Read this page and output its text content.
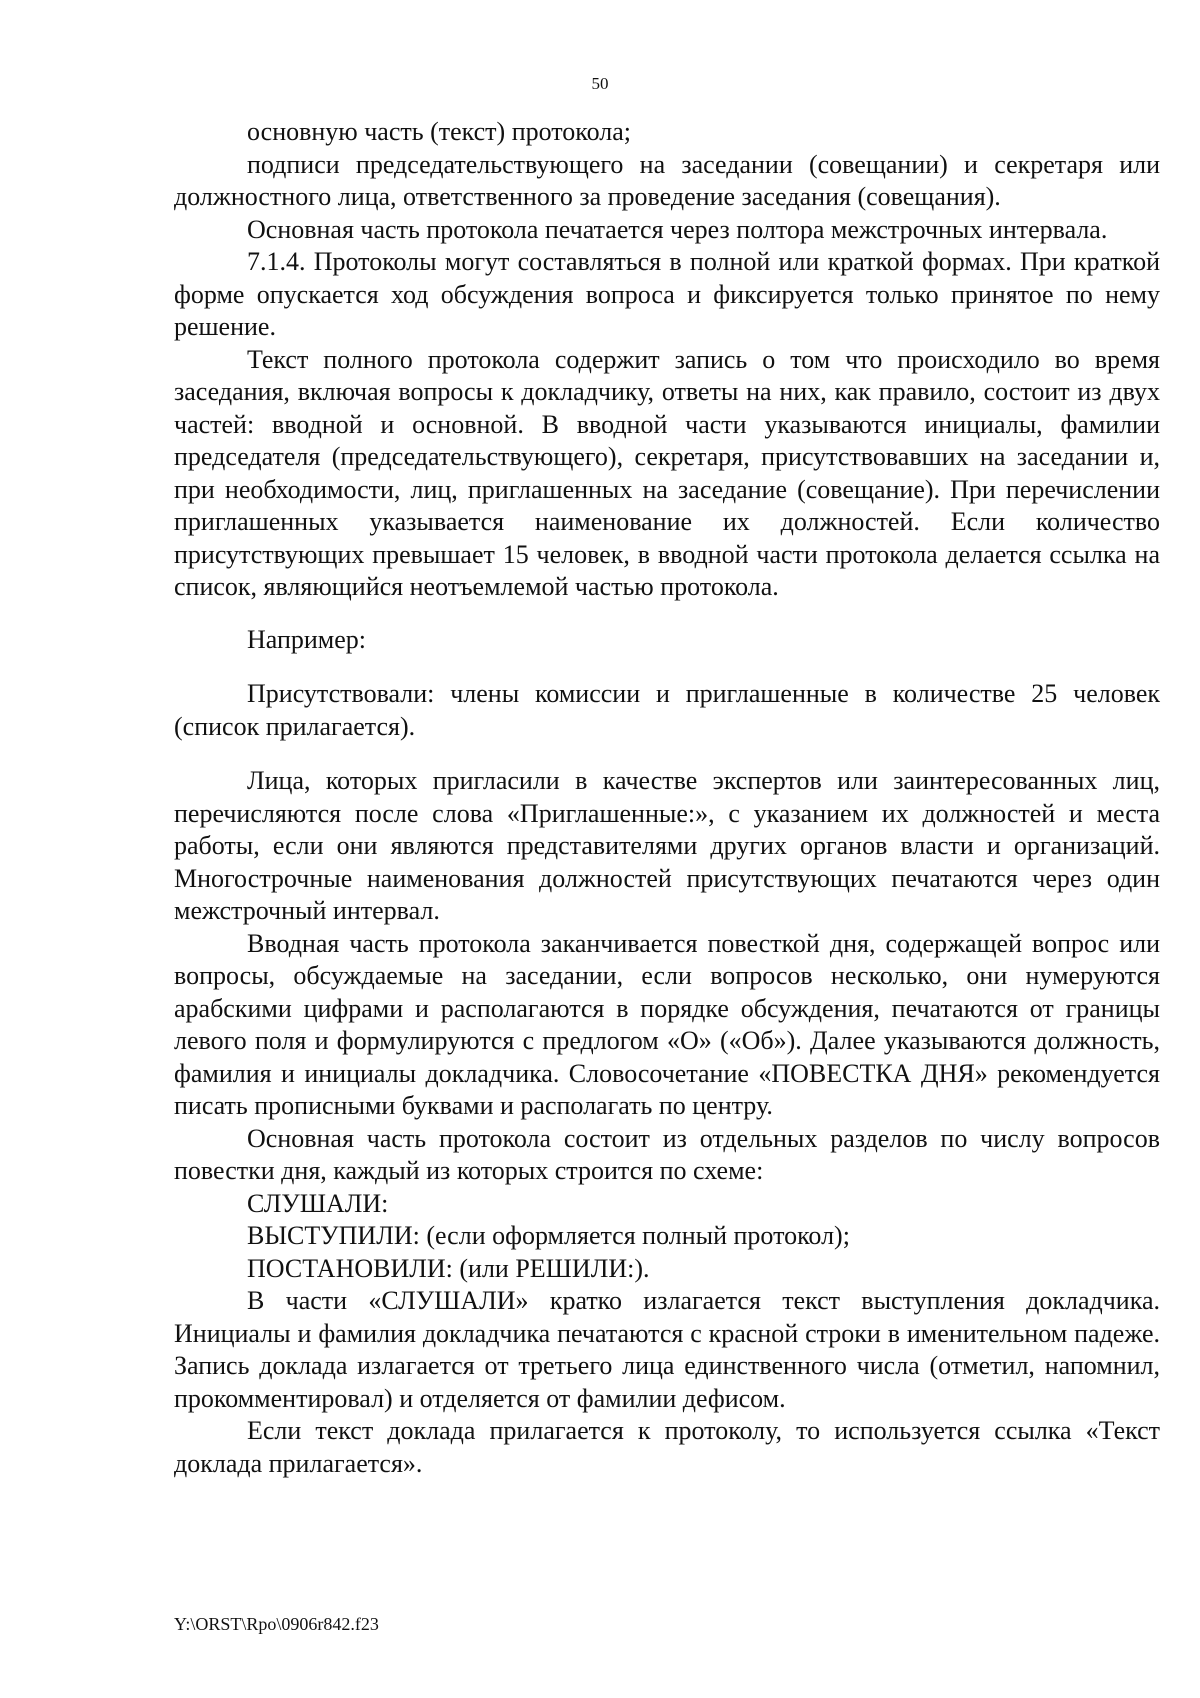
50

основную часть (текст) протокола;

подписи председательствующего на заседании (совещании) и секретаря или должностного лица, ответственного за проведение заседания (совещания).

Основная часть протокола печатается через полтора межстрочных интервала.

7.1.4. Протоколы могут составляться в полной или краткой формах. При краткой форме опускается ход обсуждения вопроса и фиксируется только принятое по нему решение.

Текст полного протокола содержит запись о том что происходило во время заседания, включая вопросы к докладчику, ответы на них, как правило, состоит из двух частей: вводной и основной. В вводной части указываются инициалы, фамилии председателя (председательствующего), секретаря, присутствовавших на заседании и, при необходимости, лиц, приглашенных на заседание (совещание). При перечислении приглашенных указывается наименование их должностей. Если количество присутствующих превышает 15 человек, в вводной части протокола делается ссылка на список, являющийся неотъемлемой частью протокола.

Например:

Присутствовали: члены комиссии и приглашенные в количестве 25 человек (список прилагается).

Лица, которых пригласили в качестве экспертов или заинтересованных лиц, перечисляются после слова «Приглашенные:», с указанием их должностей и места работы, если они являются представителями других органов власти и организаций. Многострочные наименования должностей присутствующих печатаются через один межстрочный интервал.

Вводная часть протокола заканчивается повесткой дня, содержащей вопрос или вопросы, обсуждаемые на заседании, если вопросов несколько, они нумеруются арабскими цифрами и располагаются в порядке обсуждения, печатаются от границы левого поля и формулируются с предлогом «О» («Об»). Далее указываются должность, фамилия и инициалы докладчика. Словосочетание «ПОВЕСТКА ДНЯ» рекомендуется писать прописными буквами и располагать по центру.

Основная часть протокола состоит из отдельных разделов по числу вопросов повестки дня, каждый из которых строится по схеме:

СЛУШАЛИ:

ВЫСТУПИЛИ: (если оформляется полный протокол);

ПОСТАНОВИЛИ: (или РЕШИЛИ:).

В части «СЛУШАЛИ» кратко излагается текст выступления докладчика. Инициалы и фамилия докладчика печатаются с красной строки в именительном падеже. Запись доклада излагается от третьего лица единственного числа (отметил, напомнил, прокомментировал) и отделяется от фамилии дефисом.

Если текст доклада прилагается к протоколу, то используется ссылка «Текст доклада прилагается».

Y:\ORST\Rpo\0906r842.f23
